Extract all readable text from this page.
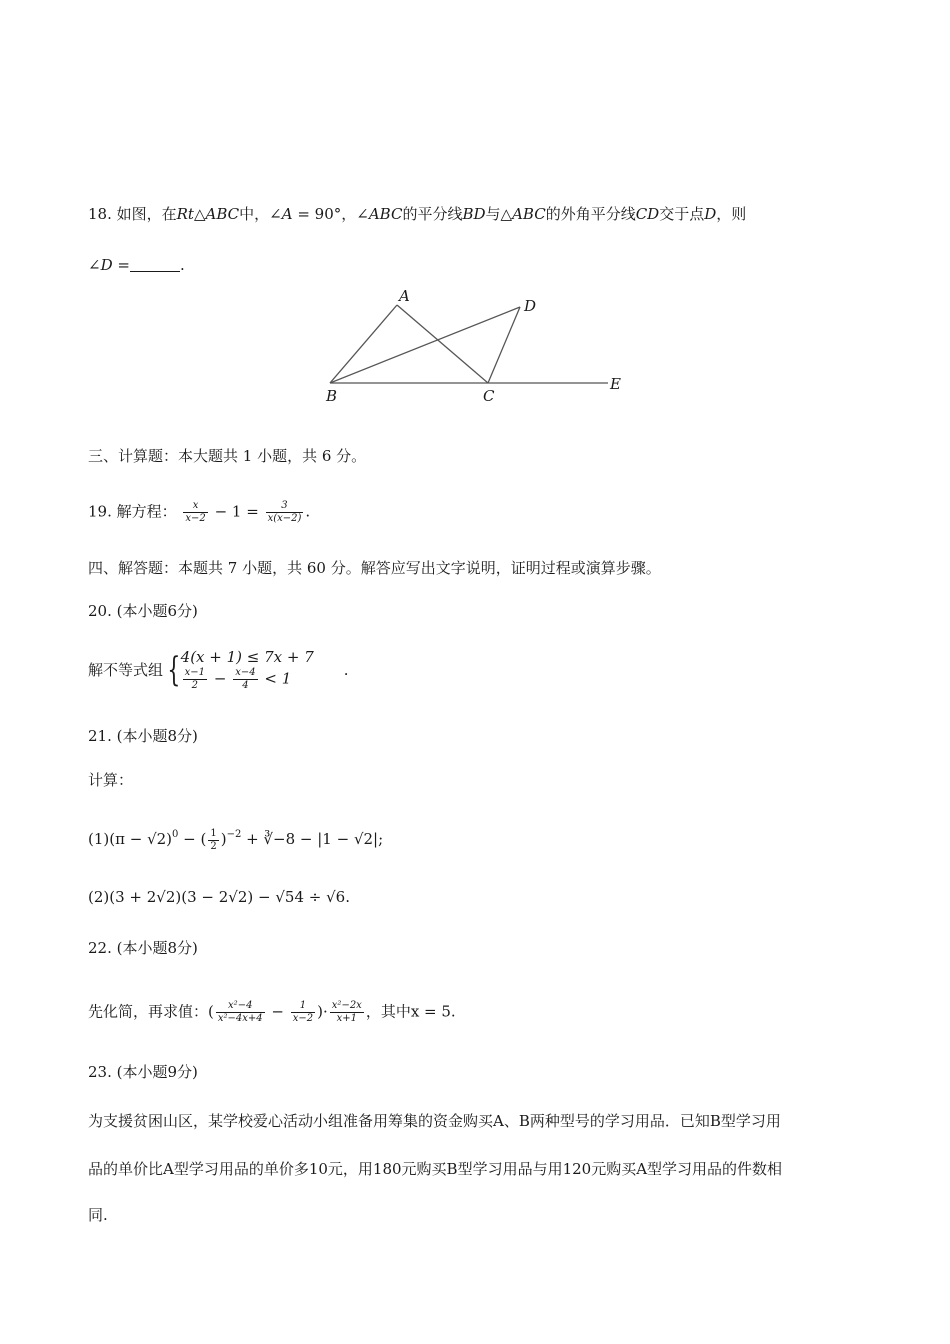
18. 如图，在Rt△ABC中，∠A = 90°，∠ABC的平分线BD与△ABC的外角平分线CD交于点D，则
∠D =	.
A
D
B	C
E
三、计算题：本大题共 1 小题，共 6 分。
19. 解方程： $\frac{x}{x-2} - 1 = \frac{3}{x(x-2)}$ .
四、解答题：本题共 7 小题，共 60 分。解答应写出文字说明，证明过程或演算步骤。
20. (本小题6分)
解不等式组 { 4(x + 1) ≤ 7x + 7
$\frac{x-1}{2} - \frac{x-4}{4} < 1$	.
21. (本小题8分)
计算：
$(1)(\pi - √2)^0$ − ( $\frac{1}{2} )^{-2}$ + ∛−8 − |1 − √2|;
(2)(3 + 2√2)(3 − 2√2) − √54 ÷ √6.
22. (本小题8分)
先化简，再求值：( $\frac{\text{x²−4}}{\text{x²−4x+4}} - \frac{1}{x-2}$ )· $\frac{\text{x²−2x}}{x+1}$ ，其中x = 5.
23. (本小题9分)
为支援贫困山区，某学校爱心活动小组准备用筹集的资金购买A、B两种型号的学习用品．已知B型学习用
品的单价比A型学习用品的单价多10元，用180元购买B型学习用品与用120元购买A型学习用品的件数相
同.
